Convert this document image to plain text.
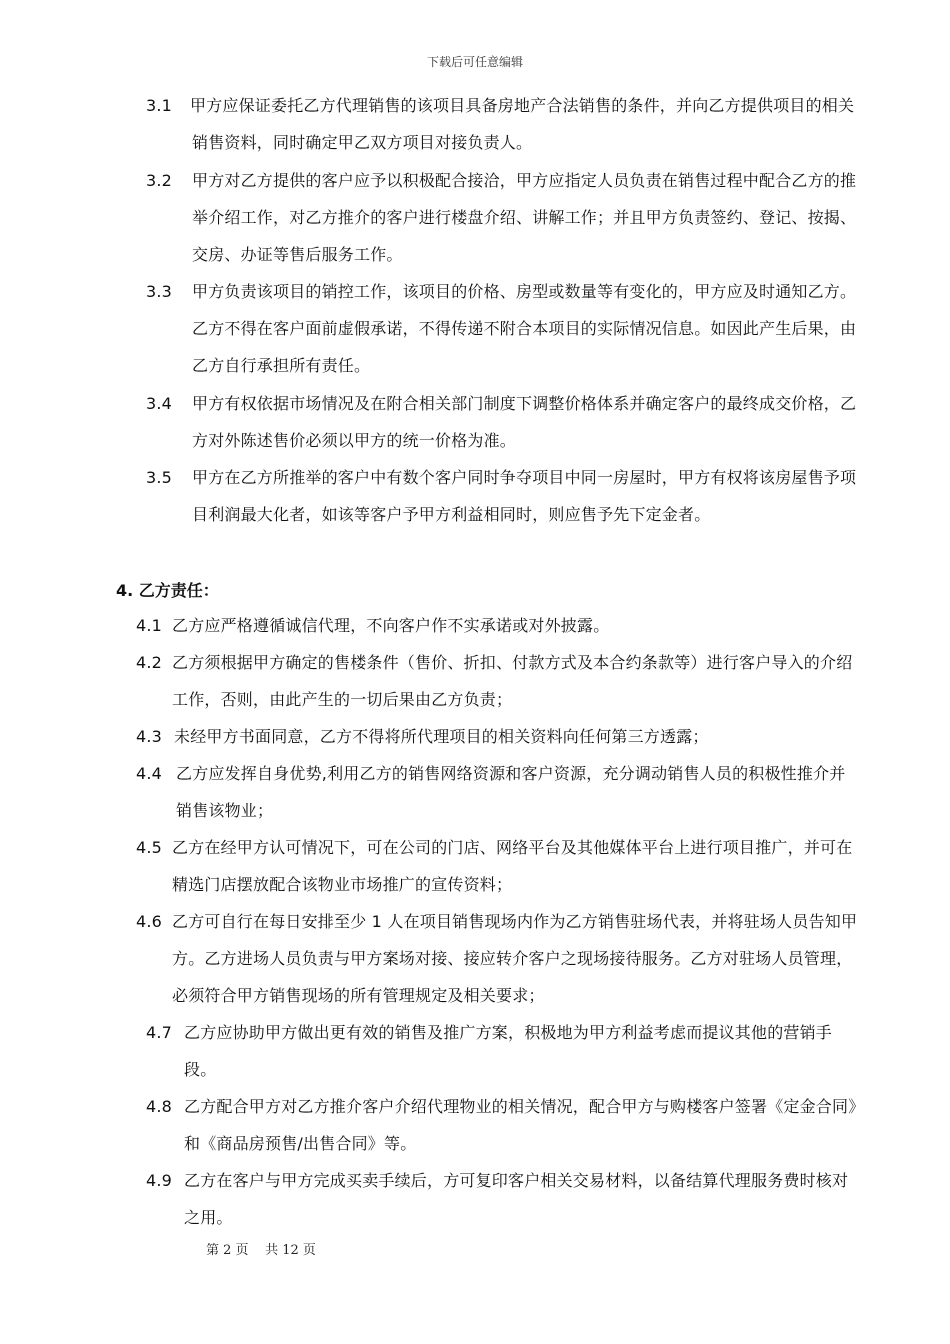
下载后可任意编辑
3.1	甲方应保证委托乙方代理销售的该项目具备房地产合法销售的条件，并向乙方提供项目的相关销售资料，同时确定甲乙双方项目对接负责人。
3.2	甲方对乙方提供的客户应予以积极配合接洽，甲方应指定人员负责在销售过程中配合乙方的推举介绍工作，对乙方推介的客户进行楼盘介绍、讲解工作；并且甲方负责签约、登记、按揭、交房、办证等售后服务工作。
3.3	甲方负责该项目的销控工作，该项目的价格、房型或数量等有变化的，甲方应及时通知乙方。乙方不得在客户面前虚假承诺，不得传递不附合本项目的实际情况信息。如因此产生后果，由乙方自行承担所有责任。
3.4	甲方有权依据市场情况及在附合相关部门制度下调整价格体系并确定客户的最终成交价格，乙方对外陈述售价必须以甲方的统一价格为准。
3.5	甲方在乙方所推举的客户中有数个客户同时争夺项目中同一房屋时，甲方有权将该房屋售予项目利润最大化者，如该等客户予甲方利益相同时，则应售予先下定金者。
4. 乙方责任：
4.1 乙方应严格遵循诚信代理，不向客户作不实承诺或对外披露。
4.2 乙方须根据甲方确定的售楼条件（售价、折扣、付款方式及本合约条款等）进行客户导入的介绍工作，否则，由此产生的一切后果由乙方负责；
4.3 未经甲方书面同意，乙方不得将所代理项目的相关资料向任何第三方透露；
4.4 乙方应发挥自身优势,利用乙方的销售网络资源和客户资源，充分调动销售人员的积极性推介并销售该物业；
4.5 乙方在经甲方认可情况下，可在公司的门店、网络平台及其他媒体平台上进行项目推广，并可在精选门店摆放配合该物业市场推广的宣传资料；
4.6 乙方可自行在每日安排至少 1 人在项目销售现场内作为乙方销售驻场代表，并将驻场人员告知甲方。乙方进场人员负责与甲方案场对接、接应转介客户之现场接待服务。乙方对驻场人员管理，必须符合甲方销售现场的所有管理规定及相关要求；
4.7 乙方应协助甲方做出更有效的销售及推广方案，积极地为甲方利益考虑而提议其他的营销手段。
4.8 乙方配合甲方对乙方推介客户介绍代理物业的相关情况，配合甲方与购楼客户签署《定金合同》和《商品房预售/出售合同》等。
4.9 乙方在客户与甲方完成买卖手续后，方可复印客户相关交易材料，以备结算代理服务费时核对之用。
第 2 页    共 12 页
